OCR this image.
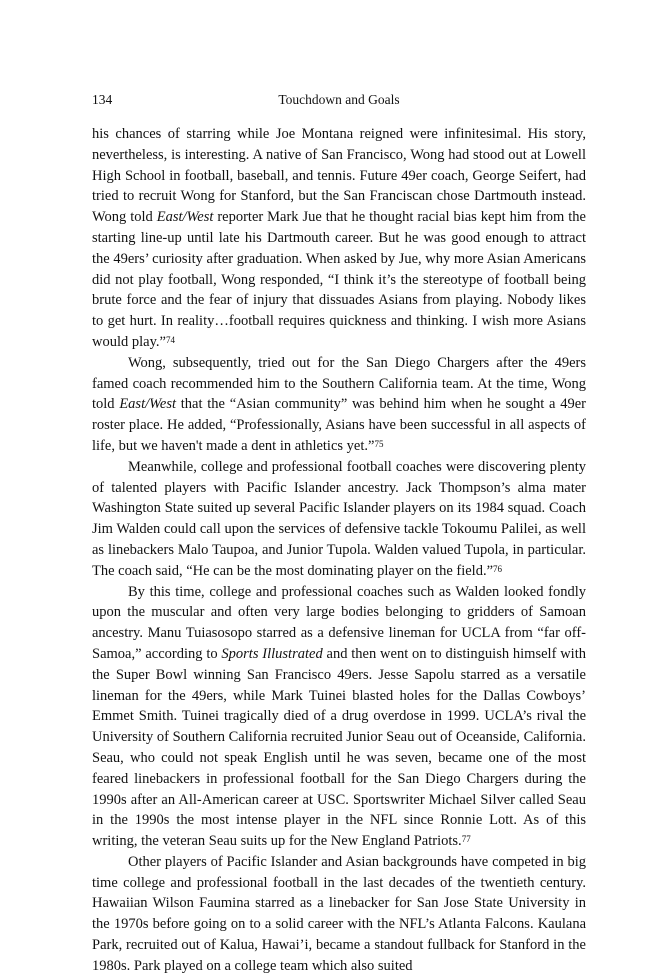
134	Touchdown and Goals

his chances of starring while Joe Montana reigned were infinitesimal. His story, nevertheless, is interesting. A native of San Francisco, Wong had stood out at Lowell High School in football, baseball, and tennis. Future 49er coach, George Seifert, had tried to recruit Wong for Stanford, but the San Franciscan chose Dartmouth instead. Wong told East/West reporter Mark Jue that he thought racial bias kept him from the starting line-up until late his Dartmouth career. But he was good enough to attract the 49ers’ curiosity after graduation. When asked by Jue, why more Asian Americans did not play football, Wong responded, “I think it’s the stereotype of football being brute force and the fear of injury that dissuades Asians from playing. Nobody likes to get hurt. In reality…football requires quickness and thinking. I wish more Asians would play.”$^{74}$

Wong, subsequently, tried out for the San Diego Chargers after the 49ers famed coach recommended him to the Southern California team. At the time, Wong told East/West that the “Asian community” was behind him when he sought a 49er roster place. He added, “Professionally, Asians have been successful in all aspects of life, but we haven't made a dent in athletics yet.”$^{75}$

Meanwhile, college and professional football coaches were discovering plenty of talented players with Pacific Islander ancestry. Jack Thompson’s alma mater Washington State suited up several Pacific Islander players on its 1984 squad. Coach Jim Walden could call upon the services of defensive tackle Tokoumu Palilei, as well as linebackers Malo Taupoa, and Junior Tupola. Walden valued Tupola, in particular. The coach said, “He can be the most dominating player on the field.”$^{76}$

By this time, college and professional coaches such as Walden looked fondly upon the muscular and often very large bodies belonging to gridders of Samoan ancestry. Manu Tuiasosopo starred as a defensive lineman for UCLA from “far off-Samoa,” according to Sports Illustrated and then went on to distinguish himself with the Super Bowl winning San Francisco 49ers. Jesse Sapolu starred as a versatile lineman for the 49ers, while Mark Tuinei blasted holes for the Dallas Cowboys’ Emmet Smith. Tuinei tragically died of a drug overdose in 1999. UCLA’s rival the University of Southern California recruited Junior Seau out of Oceanside, California. Seau, who could not speak English until he was seven, became one of the most feared linebackers in professional football for the San Diego Chargers during the 1990s after an All-American career at USC. Sportswriter Michael Silver called Seau in the 1990s the most intense player in the NFL since Ronnie Lott. As of this writing, the veteran Seau suits up for the New England Patriots.$^{77}$

Other players of Pacific Islander and Asian backgrounds have competed in big time college and professional football in the last decades of the twentieth century. Hawaiian Wilson Faumina starred as a linebacker for San Jose State University in the 1970s before going on to a solid career with the NFL’s Atlanta Falcons. Kaulana Park, recruited out of Kalua, Hawai’i, became a standout fullback for Stanford in the 1980s. Park played on a college team which also suited
